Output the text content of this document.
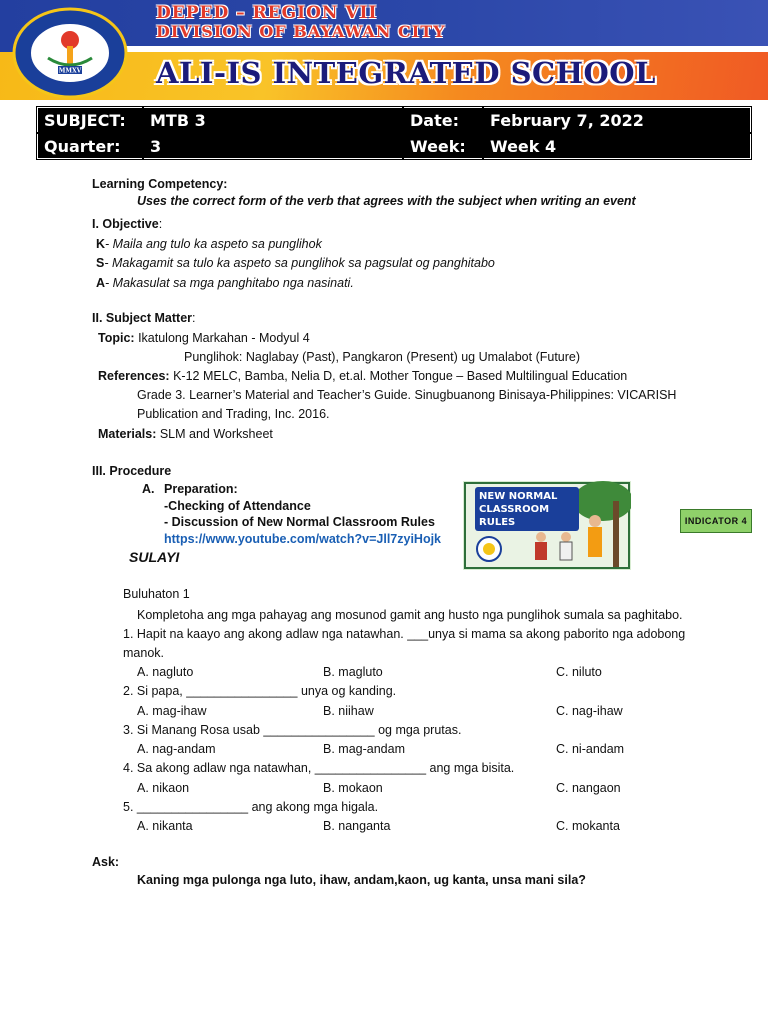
DEPED – REGION VII
DIVISION OF BAYAWAN CITY
ALI-IS INTEGRATED SCHOOL
MMXV
SUBJECT:	MTB 3	Date:	February 7, 2022
Quarter:	3	Week:	Week 4
Learning Competency:
Uses the correct form of the verb that agrees with the subject when writing an event
I. Objective:
K- Maila ang tulo ka aspeto sa punglihok
S- Makagamit sa tulo ka aspeto sa punglihok sa pagsulat og panghitabo
A- Makasulat sa mga panghitabo nga nasinati.
II. Subject Matter:
Topic: Ikatulong Markahan - Modyul 4
Punglihok: Naglabay (Past), Pangkaron (Present) ug Umalabot (Future)
References: K-12 MELC, Bamba, Nelia D, et.al. Mother Tongue – Based Multilingual Education
Grade 3. Learner’s Material and Teacher’s Guide. Sinugbuanong Binisaya-Philippines: VICARISH
Publication and Trading, Inc. 2016.
Materials: SLM and Worksheet
III. Procedure
A. Preparation:
-Checking of Attendance
- Discussion of New Normal Classroom Rules
https://www.youtube.com/watch?v=Jll7zyiHojk
SULAYI
NEW NORMAL
CLASSROOM
RULES	INDICATOR 4
Buluhaton 1
Kompletoha ang mga pahayag ang mosunod gamit ang husto nga punglihok sumala sa paghitabo.
1. Hapit na kaayo ang akong adlaw nga natawhan. ___unya si mama sa akong paborito nga adobong
manok.
A. nagluto	B. magluto	C. niluto
2. Si papa, ________________ unya og kanding.
A. mag-ihaw	B. niihaw	C. nag-ihaw
3. Si Manang Rosa usab ________________ og mga prutas.
A. nag-andam	B. mag-andam	C. ni-andam
4. Sa akong adlaw nga natawhan, ________________ ang mga bisita.
A. nikaon	B. mokaon	C. nangaon
5. ________________ ang akong mga higala.
A. nikanta	B. nanganta	C. mokanta
Ask:
Kaning mga pulonga nga luto, ihaw, andam,kaon, ug kanta, unsa mani sila?
